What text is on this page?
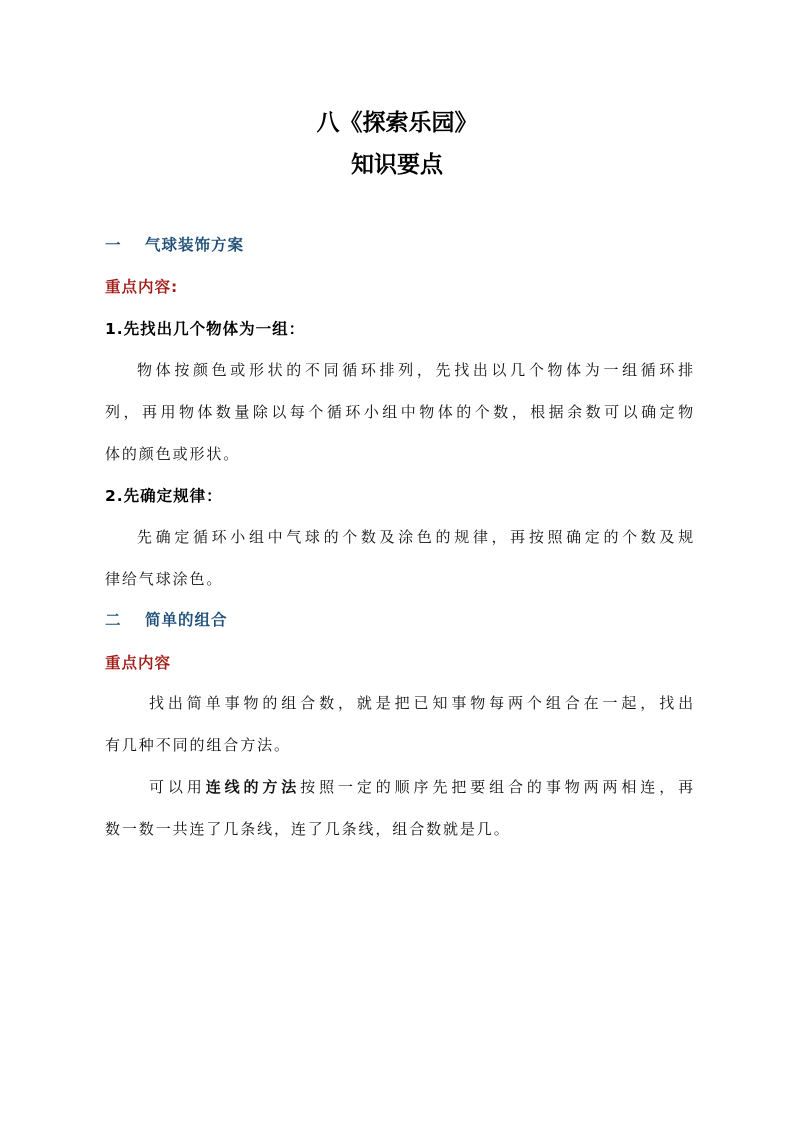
八《探索乐园》
知识要点
一 气球装饰方案
重点内容:
1.先找出几个物体为一组：
物体按颜色或形状的不同循环排列，先找出以几个物体为一组循环排
列，再用物体数量除以每个循环小组中物体的个数，根据余数可以确定物
体的颜色或形状。
2.先确定规律：
先确定循环小组中气球的个数及涂色的规律，再按照确定的个数及规
律给气球涂色。
二 简单的组合
重点内容
找出简单事物的组合数，就是把已知事物每两个组合在一起，找出
有几种不同的组合方法。
可以用连线的方法按照一定的顺序先把要组合的事物两两相连，再
数一数一共连了几条线，连了几条线，组合数就是几。
